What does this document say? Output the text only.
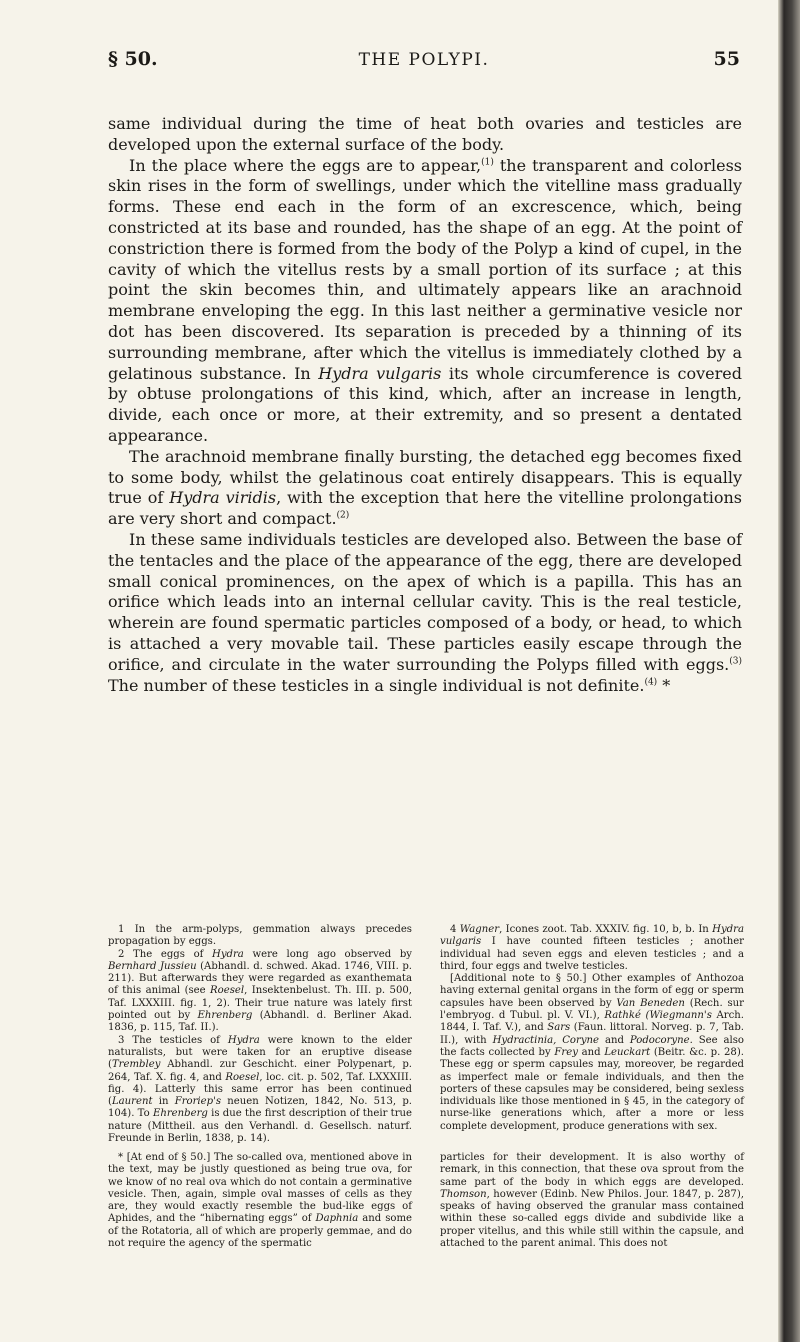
§ 50.	THE POLYPI.	55

same individual during the time of heat both ovaries and testicles are developed upon the external surface of the body.

In the place where the eggs are to appear,$^{(1)}$ the transparent and colorless skin rises in the form of swellings, under which the vitelline mass gradually forms. These end each in the form of an excrescence, which, being constricted at its base and rounded, has the shape of an egg. At the point of constriction there is formed from the body of the Polyp a kind of cupel, in the cavity of which the vitellus rests by a small portion of its surface ; at this point the skin becomes thin, and ultimately appears like an arachnoid membrane enveloping the egg. In this last neither a germinative vesicle nor dot has been discovered. Its separation is preceded by a thinning of its surrounding membrane, after which the vitellus is immediately clothed by a gelatinous substance. In Hydra vulgaris its whole circumference is covered by obtuse prolongations of this kind, which, after an increase in length, divide, each once or more, at their extremity, and so present a dentated appearance.

The arachnoid membrane finally bursting, the detached egg becomes fixed to some body, whilst the gelatinous coat entirely disappears. This is equally true of Hydra viridis, with the exception that here the vitelline prolongations are very short and compact.$^{(2)}$

In these same individuals testicles are developed also. Between the base of the tentacles and the place of the appearance of the egg, there are developed small conical prominences, on the apex of which is a papilla. This has an orifice which leads into an internal cellular cavity. This is the real testicle, wherein are found spermatic particles composed of a body, or head, to which is attached a very movable tail. These particles easily escape through the orifice, and circulate in the water surrounding the Polyps filled with eggs.$^{(3)}$ The number of these testicles in a single individual is not definite.$^{(4)}$ *

1 In the arm-polyps, gemmation always precedes propagation by eggs.

2 The eggs of Hydra were long ago observed by Bernhard Jussieu (Abhandl. d. schwed. Akad. 1746, VIII. p. 211). But afterwards they were regarded as exanthemata of this animal (see Roesel, Insektenbelust. Th. III. p. 500, Taf. LXXXIII. fig. 1, 2). Their true nature was lately first pointed out by Ehrenberg (Abhandl. d. Berliner Akad. 1836, p. 115, Taf. II.).

3 The testicles of Hydra were known to the elder naturalists, but were taken for an eruptive disease (Trembley Abhandl. zur Geschicht. einer Polypenart, p. 264, Taf. X. fig. 4, and Roesel, loc. cit. p. 502, Taf. LXXXIII. fig. 4). Latterly this same error has been continued (Laurent in Froriep's neuen Notizen, 1842, No. 513, p. 104). To Ehrenberg is due the first description of their true nature (Mittheil. aus den Verhandl. d. Gesellsch. naturf. Freunde in Berlin, 1838, p. 14).

4 Wagner, Icones zoot. Tab. XXXIV. fig. 10, b, b. In Hydra vulgaris I have counted fifteen testicles ; another individual had seven eggs and eleven testicles ; and a third, four eggs and twelve testicles.

[Additional note to § 50.] Other examples of Anthozoa having external genital organs in the form of egg or sperm capsules have been observed by Van Beneden (Rech. sur l'embryog. d Tubul. pl. V. VI.), Rathké (Wiegmann's Arch. 1844, I. Taf. V.), and Sars (Faun. littoral. Norveg. p. 7, Tab. II.), with Hydractinia, Coryne and Podocoryne. See also the facts collected by Frey and Leuckart (Beitr. &c. p. 28). These egg or sperm capsules may, moreover, be regarded as imperfect male or female individuals, and then the porters of these capsules may be considered, being sexless individuals like those mentioned in § 45, in the category of nurse-like generations which, after a more or less complete development, produce generations with sex.

* [At end of § 50.] The so-called ova, mentioned above in the text, may be justly questioned as being true ova, for we know of no real ova which do not contain a germinative vesicle. Then, again, simple oval masses of cells as they are, they would exactly resemble the bud-like eggs of Aphides, and the “hibernating eggs” of Daphnia and some of the Rotatoria, all of which are properly gemmae, and do not require the agency of the spermatic

particles for their development. It is also worthy of remark, in this connection, that these ova sprout from the same part of the body in which eggs are developed. Thomson, however (Edinb. New Philos. Jour. 1847, p. 287), speaks of having observed the granular mass contained within these so-called eggs divide and subdivide like a proper vitellus, and this while still within the capsule, and attached to the parent animal. This does not
